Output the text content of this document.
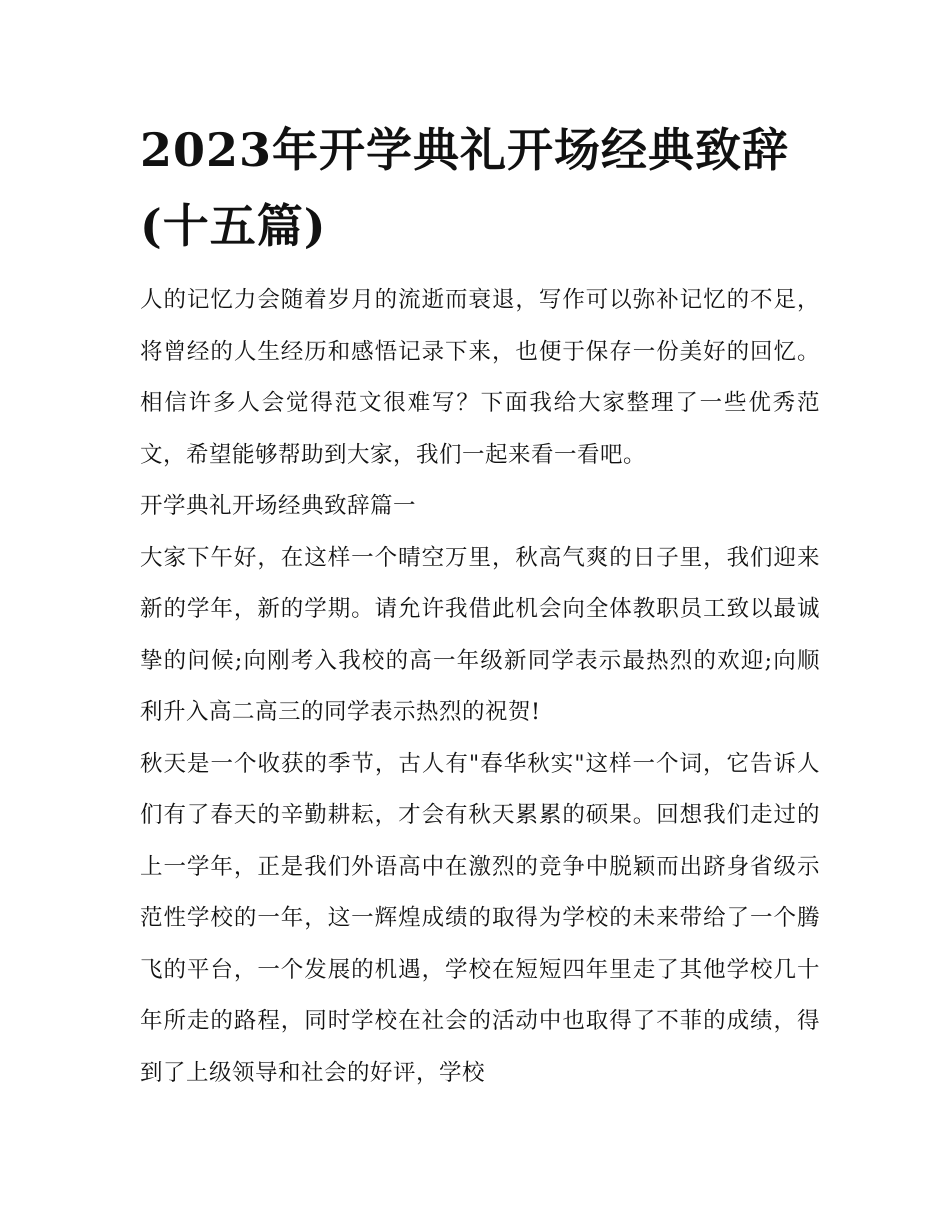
2023年开学典礼开场经典致辞(十五篇)

人的记忆力会随着岁月的流逝而衰退，写作可以弥补记忆的不足，将曾经的人生经历和感悟记录下来，也便于保存一份美好的回忆。相信许多人会觉得范文很难写？下面我给大家整理了一些优秀范文，希望能够帮助到大家，我们一起来看一看吧。

开学典礼开场经典致辞篇一

大家下午好，在这样一个晴空万里，秋高气爽的日子里，我们迎来新的学年，新的学期。请允许我借此机会向全体教职员工致以最诚挚的问候;向刚考入我校的高一年级新同学表示最热烈的欢迎;向顺利升入高二高三的同学表示热烈的祝贺!

秋天是一个收获的季节，古人有"春华秋实"这样一个词，它告诉人们有了春天的辛勤耕耘，才会有秋天累累的硕果。回想我们走过的上一学年，正是我们外语高中在激烈的竞争中脱颖而出跻身省级示范性学校的一年，这一辉煌成绩的取得为学校的未来带给了一个腾飞的平台，一个发展的机遇，学校在短短四年里走了其他学校几十年所走的路程，同时学校在社会的活动中也取得了不菲的成绩，得到了上级领导和社会的好评，学校
